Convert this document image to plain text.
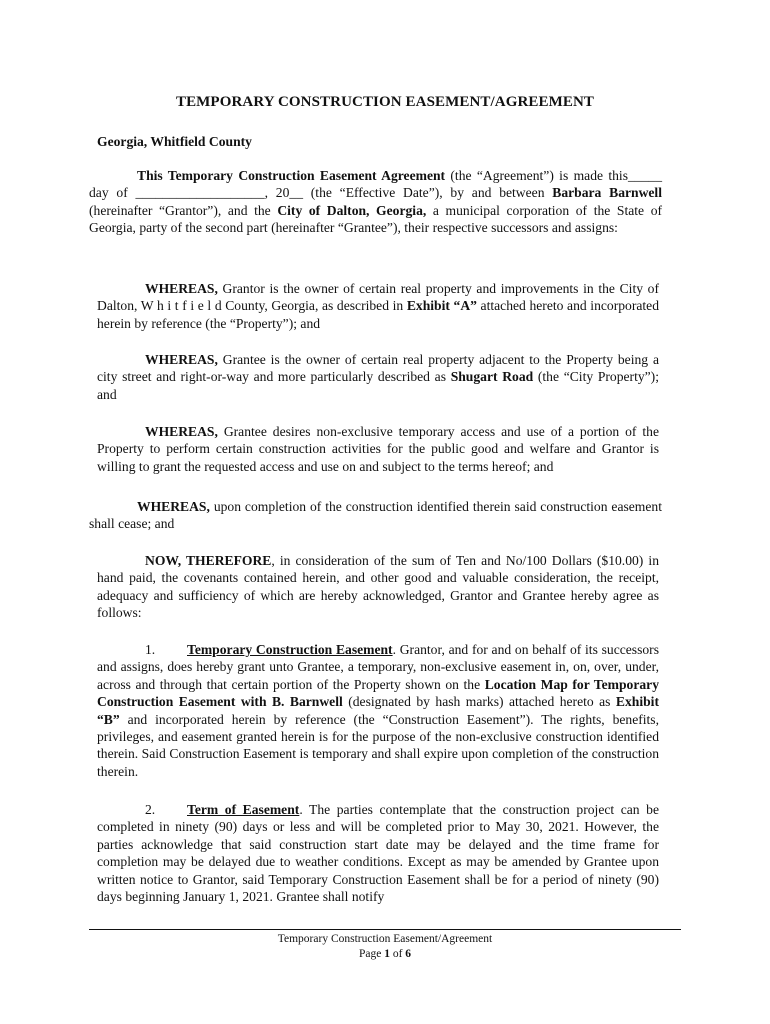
TEMPORARY CONSTRUCTION EASEMENT/AGREEMENT
Georgia, Whitfield County
This Temporary Construction Easement Agreement (the “Agreement”) is made this_____ day of ___________________, 20__ (the “Effective Date”), by and between Barbara Barnwell (hereinafter “Grantor”), and the City of Dalton, Georgia, a municipal corporation of the State of Georgia, party of the second part (hereinafter “Grantee”), their respective successors and assigns:
WHEREAS, Grantor is the owner of certain real property and improvements in the City of Dalton, W h i t f i e l d County, Georgia, as described in Exhibit “A” attached hereto and incorporated herein by reference (the “Property”); and
WHEREAS, Grantee is the owner of certain real property adjacent to the Property being a city street and right-or-way and more particularly described as Shugart Road (the “City Property”); and
WHEREAS, Grantee desires non-exclusive temporary access and use of a portion of the Property to perform certain construction activities for the public good and welfare and Grantor is willing to grant the requested access and use on and subject to the terms hereof; and
WHEREAS, upon completion of the construction identified therein said construction easement shall cease; and
NOW, THEREFORE, in consideration of the sum of Ten and No/100 Dollars ($10.00) in hand paid, the covenants contained herein, and other good and valuable consideration, the receipt, adequacy and sufficiency of which are hereby acknowledged, Grantor and Grantee hereby agree as follows:
1. Temporary Construction Easement. Grantor, and for and on behalf of its successors and assigns, does hereby grant unto Grantee, a temporary, non-exclusive easement in, on, over, under, across and through that certain portion of the Property shown on the Location Map for Temporary Construction Easement with B. Barnwell (designated by hash marks) attached hereto as Exhibit “B” and incorporated herein by reference (the “Construction Easement”). The rights, benefits, privileges, and easement granted herein is for the purpose of the non-exclusive construction identified therein. Said Construction Easement is temporary and shall expire upon completion of the construction therein.
2. Term of Easement. The parties contemplate that the construction project can be completed in ninety (90) days or less and will be completed prior to May 30, 2021. However, the parties acknowledge that said construction start date may be delayed and the time frame for completion may be delayed due to weather conditions. Except as may be amended by Grantee upon written notice to Grantor, said Temporary Construction Easement shall be for a period of ninety (90) days beginning January 1, 2021. Grantee shall notify
Temporary Construction Easement/Agreement
Page 1 of 6
